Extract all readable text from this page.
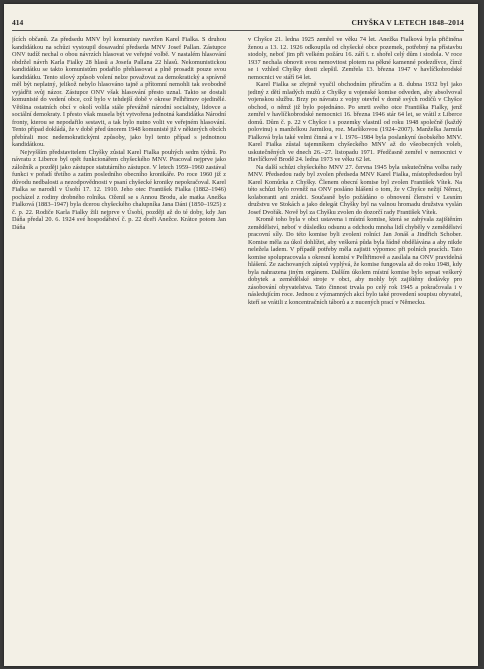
414	CHYŠKA V LETECH 1848–2014

jících občanů. Za předsedu MNV byl komunisty navržen Karel Fialka. S druhou kandidátkou na schůzi vystoupil dosavadní předseda MNV Josef Pallan. Zástupce ONV tudíž nechal o obou návrzích hlasovat ve veřejné volbě. V nastalém hlasování obdržel návrh Karla Fialky 28 hlasů a Josefa Pallana 22 hlasů. Nekomunistickou kandidátku se takto komunistům podařilo přehlasovat a plně prosadit pouze svou kandidátku. Tento silový způsob volení nelze považovat za demokratický a správně měl být neplatný, jelikož nebylo hlasováno tajně a přítomní nemohli tak svobodně vyjádřit svůj názor. Zástupce ONV však hlasování přesto uznal. Takto se dostali komunisté do vedení obce, což bylo v tehdejší době v okrese Pelhřimov ojedinělé. Většina ostatních obcí v okolí volila stále převážně národní socialisty, lidovce a sociální demokraty. I přesto však musela být vytvořena jednotná kandidátka Národní fronty, kterou se nepodařilo sestavit, a tak bylo nutno volit ve veřejném hlasování. Tento případ dokládá, že v době před únorem 1948 komunisté již v některých obcích přebírali moc nedemokratickými způsoby, jako byl tento případ s jednotnou kandidátkou.

Nejvyšším představitelem Chyšky zůstal Karel Fialka pouhých sedm týdnů. Po návratu z Liberce byl opět funkcionářem chyšeckého MNV. Pracoval nejprve jako záložník a později jako zástupce statutárního zástupce. V letech 1959–1960 zastával funkci v pořadí třetího a zatím posledního obecního kronikáře. Po roce 1960 již z důvodu nedbalosti a nezodpovědnosti v psaní chyšecké kroniky nepokračoval. Karel Fialka se narodil v Úsobí 17. 12. 1910. Jeho otec František Fialka (1882–1946) pocházel z rodiny drobného rolníka. Oženil se s Annou Brodu, ale matka Anežka Fialková (1883–1947) byla dcerou chyšeckého chalupníka Jana Dáni (1850–1925) z č. p. 22. Rodiče Karla Fialky žili nejprve v Úsobí, později až do té doby, kdy Jan Dáňa předal 20. 6. 1924 své hospodářství č. p. 22 dceři Anežce. Krátce potom Jan Dáňa

v Chyšce 21. ledna 1925 zemřel ve věku 74 let. Anežka Fialková byla přičiněna ženou a 13. 12. 1926 odkoupila od chyšecké obce pozemek, potřebný na přístavbu stodoly, neboť jim při velkém požáru 16. září t. r. shořel celý dům i stodola. V roce 1937 nechala obnovit svou nemovitost plotem na pěkné kamenné podezdívce, čímž se i vzhled Chyšky dosti zlepšil. Zemřela 13. března 1947 v havlíčkobrodské nemocnici ve stáří 64 let.

Karel Fialka se zřejmě vyučil obchodním příručím a 8. dubna 1932 byl jako jediný z dětí mladých mužů z Chyšky u vojenské komise odveden, aby absolvoval vojenskou službu. Brzy po návratu z vojny otevřel v domě svých rodičů v Chyšce obchod, o němž již bylo pojednáno. Po smrti svého otce Františka Fialky, jenž zemřel v havlíčkobrodské nemocnici 16. března 1946 stár 64 let, se vrátil z Liberce domů. Dům č. p. 22 v Chyšce i s pozemky vlastnil od roku 1948 společně (každý polovinu) s manželkou Jarmilou, roz. Maršíkovou (1924–2007). Manželka Jarmila Fialková byla také velmi činná a v l. 1976–1984 byla poslankyní úsobského MNV. Karel Fialka zůstal tajemníkem chyšeckého MNV až do všeobecných voleb, uskutečněných ve dnech 26.–27. listopadu 1971. Předčasně zemřel v nemocnici v Havlíčkově Brodě 24. ledna 1973 ve věku 62 let.

Na další schůzi chyšeckého MNV 27. června 1945 byla uskutečněna volba rady MNV. Předsedou rady byl zvolen předseda MNV Karel Fialka, místopředsedou byl Karel Komůrka z Chyšky. Členem obecní komise byl zvolen František Vítek. Na této schůzi bylo rovněž na ONV posláno hlášení o tom, že v Chyšce nežijí Němci, kolaboranti ani zrádci. Současně bylo požádáno o obnovení členství v Lesním družstvu ve Stokách a jako delegát Chyšky byl na valnou hromadu družstva vyslán Josef Dvořák. Nově byl za Chyšku zvolen do dozorčí rady František Vítek.

Kromě toho byla v obci ustavena i místní komise, která se zabývala zajištěním zemědělství, neboť v důsledku odsunu a odchodu mnoha lidí chyběly v zemědělství pracovní síly. Do této komise byli zvoleni rolníci Jan Jonáš a Jindřich Schober. Komise měla za úkol dohlížet, aby veškerá půda byla řádně obdělávána a aby nikde neležela ladem. V případě potřeby měla zajistit výpomoc při polních pracích. Tato komise spolupracovala s okresní komisí v Pelhřimově a zasílala na ONV pravidelná hlášení. Ze zachovaných zápisů vyplývá, že komise fungovala až do roku 1948, kdy byla nahrazena jiným orgánem. Dalším úkolem místní komise bylo sepsat veškerý dobytek a zemědělské stroje v obci, aby mohly být zajištěny dodávky pro zásobování obyvatelstva. Tato činnost trvala po celý rok 1945 a pokračovala i v následujícím roce. Jednou z významných akcí bylo také provedení soupisu obyvatel, kteří se vrátili z koncentračních táborů a z nucených prací v Německu.
